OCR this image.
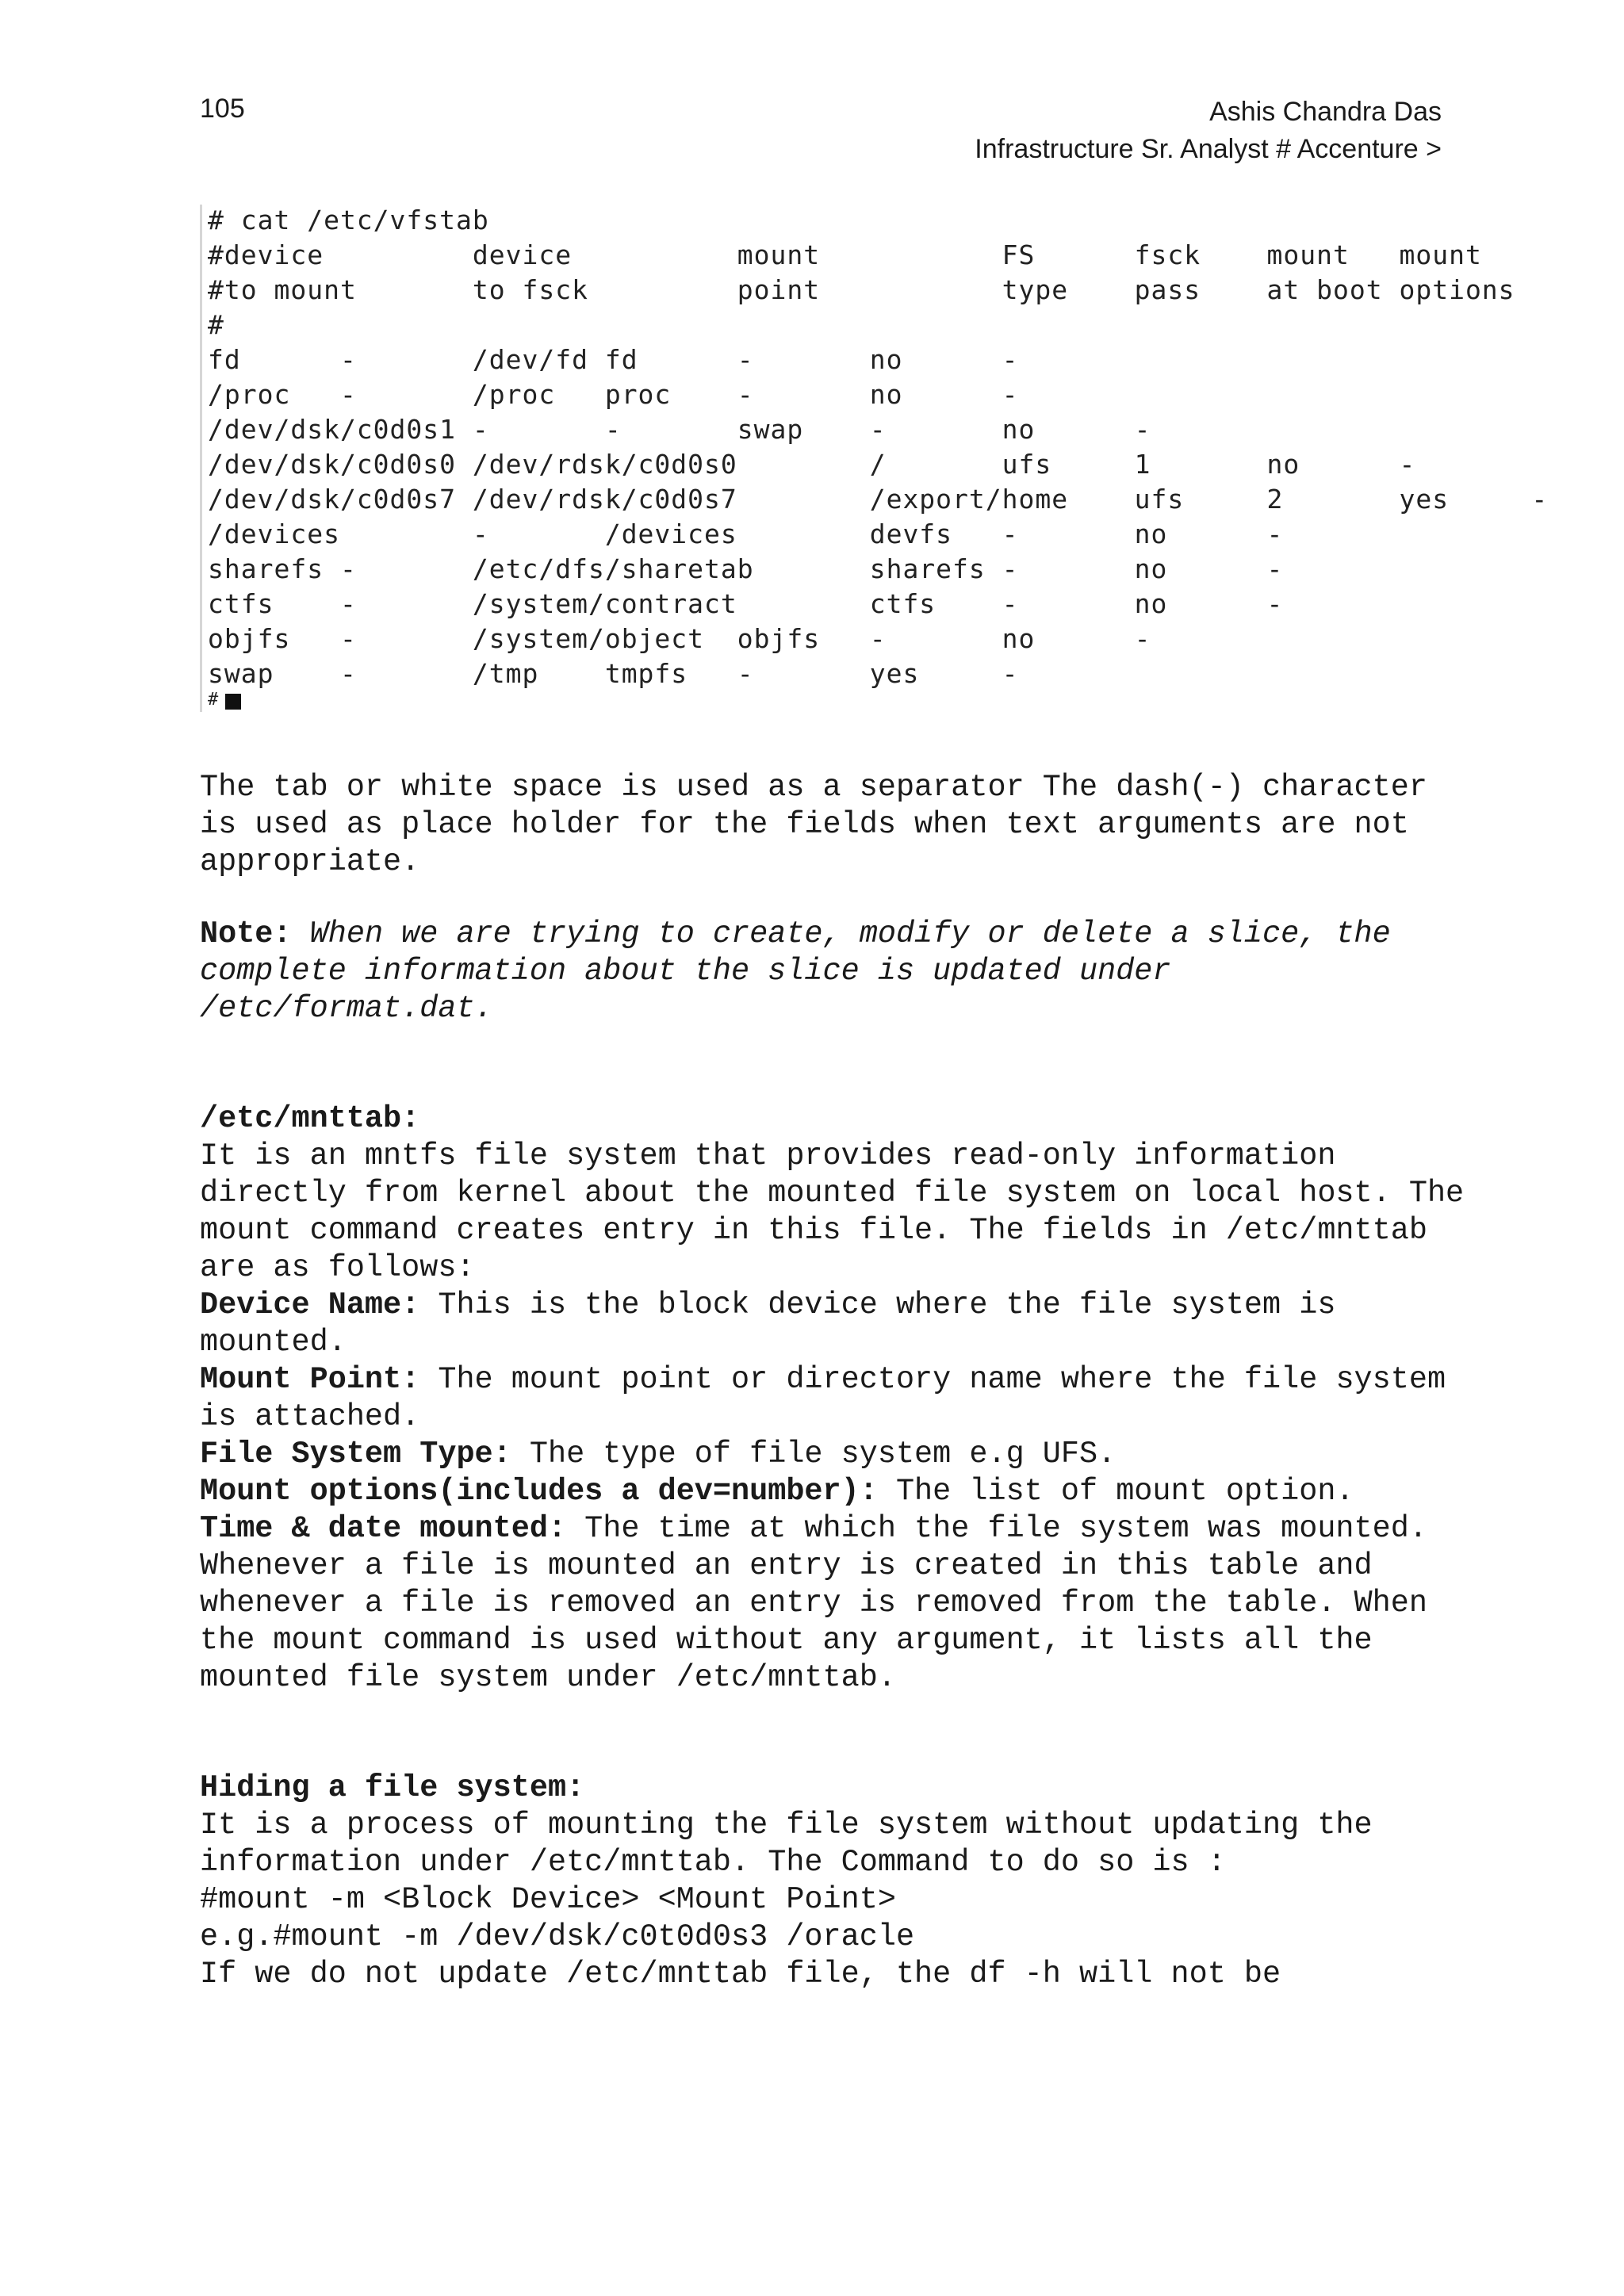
105	Ashis Chandra Das
Infrastructure Sr. Analyst # Accenture >
# cat /etc/vfstab
#device         device          mount           FS      fsck    mount   mount
#to mount       to fsck         point           type    pass    at boot options
#
fd      -       /dev/fd fd      -       no      -
/proc   -       /proc   proc    -       no      -
/dev/dsk/c0d0s1 -       -       swap    -       no      -
/dev/dsk/c0d0s0 /dev/rdsk/c0d0s0        /       ufs     1       no      -
/dev/dsk/c0d0s7 /dev/rdsk/c0d0s7        /export/home    ufs     2       yes     -
/devices        -       /devices        devfs   -       no      -
sharefs -       /etc/dfs/sharetab       sharefs -       no      -
ctfs    -       /system/contract        ctfs    -       no      -
objfs   -       /system/object  objfs   -       no      -
swap    -       /tmp    tmpfs   -       yes     -
#

The tab or white space is used as a separator The dash(-) character is used as place holder for the fields when text arguments are not appropriate.

Note: When we are trying to create, modify or delete a slice, the complete information about the slice is updated under /etc/format.dat.

/etc/mnttab:

It is an mntfs file system that provides read-only information directly from kernel about the mounted file system on local host. The mount command creates entry in this file. The fields in /etc/mnttab are as follows:

Device Name: This is the block device where the file system is mounted.

Mount Point: The mount point or directory name where the file system is attached.

File System Type: The type of file system e.g UFS.

Mount options(includes a dev=number): The list of mount option.

Time & date mounted: The time at which the file system was mounted.

Whenever a file is mounted an entry is created in this table and whenever a file is removed an entry is removed from the table. When the mount command is used without any argument, it lists all the mounted file system under /etc/mnttab.

Hiding a file system:

It is a process of mounting the file system without updating the information under /etc/mnttab. The Command to do so is :

#mount -m <Block Device> <Mount Point>

e.g.#mount -m /dev/dsk/c0t0d0s3 /oracle

If we do not update /etc/mnttab file, the df -h will not be
